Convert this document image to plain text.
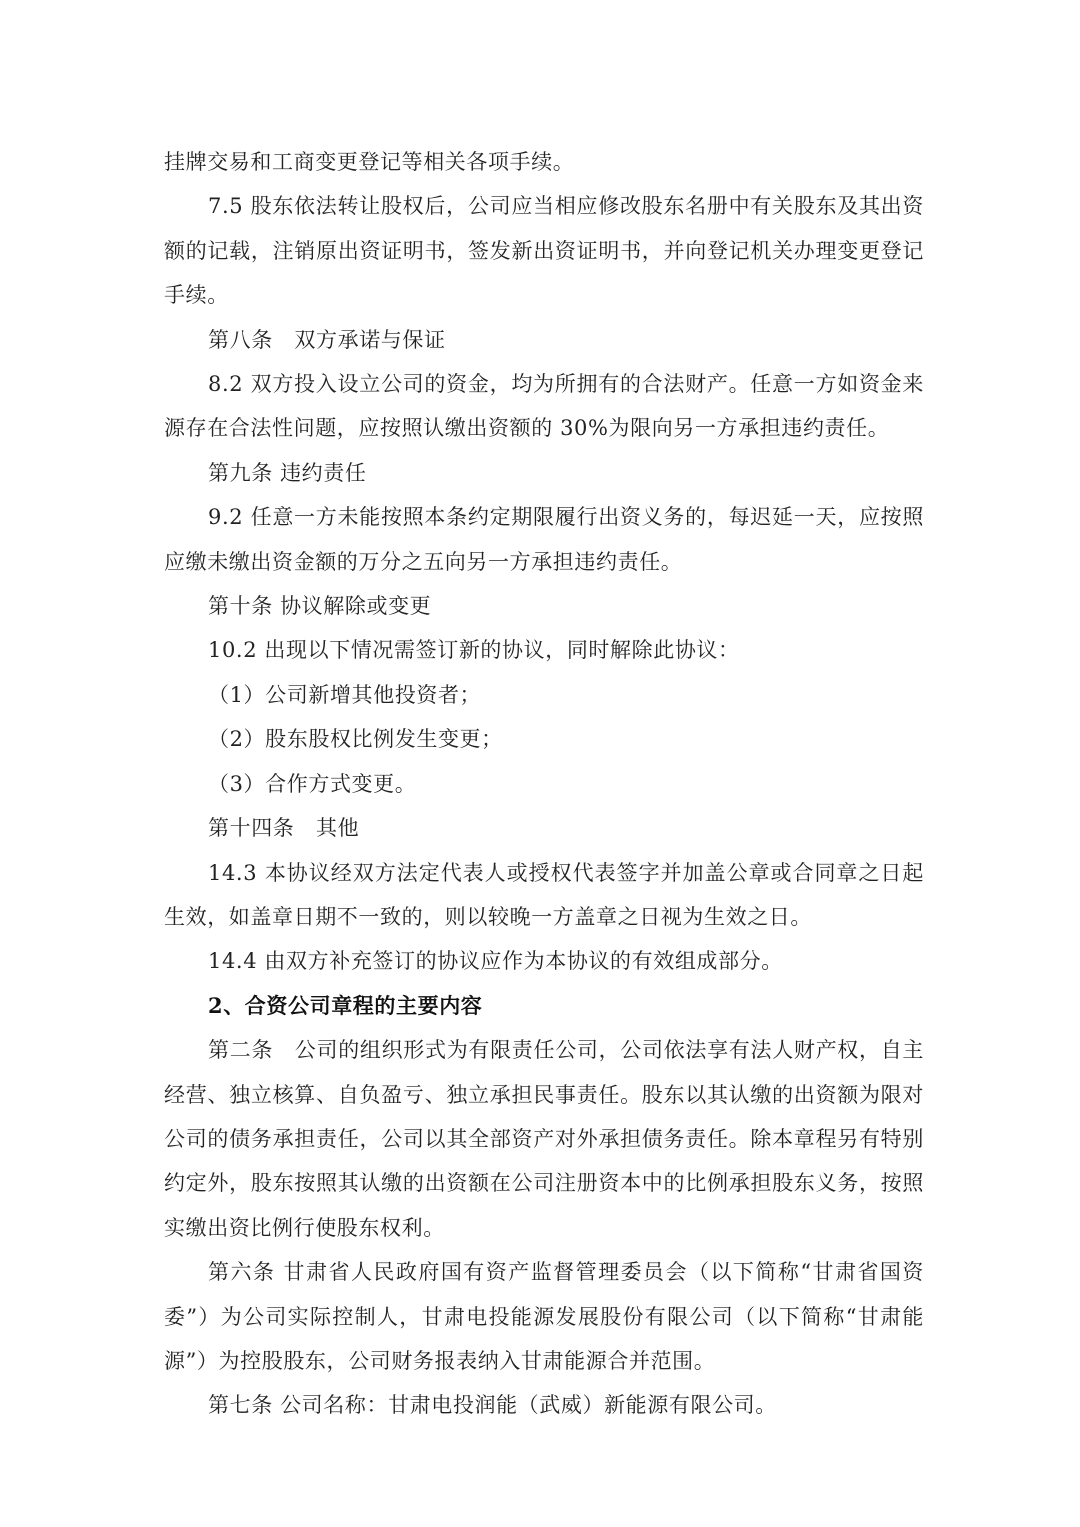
挂牌交易和工商变更登记等相关各项手续。

7.5 股东依法转让股权后，公司应当相应修改股东名册中有关股东及其出资额的记载，注销原出资证明书，签发新出资证明书，并向登记机关办理变更登记手续。

第八条　双方承诺与保证

8.2 双方投入设立公司的资金，均为所拥有的合法财产。任意一方如资金来源存在合法性问题，应按照认缴出资额的 30%为限向另一方承担违约责任。

第九条 违约责任

9.2 任意一方未能按照本条约定期限履行出资义务的，每迟延一天，应按照应缴未缴出资金额的万分之五向另一方承担违约责任。

第十条 协议解除或变更

10.2 出现以下情况需签订新的协议，同时解除此协议：

（1）公司新增其他投资者；

（2）股东股权比例发生变更；

（3）合作方式变更。

第十四条　其他

14.3 本协议经双方法定代表人或授权代表签字并加盖公章或合同章之日起生效，如盖章日期不一致的，则以较晚一方盖章之日视为生效之日。

14.4 由双方补充签订的协议应作为本协议的有效组成部分。

2、合资公司章程的主要内容

第二条　公司的组织形式为有限责任公司，公司依法享有法人财产权，自主经营、独立核算、自负盈亏、独立承担民事责任。股东以其认缴的出资额为限对公司的债务承担责任，公司以其全部资产对外承担债务责任。除本章程另有特别约定外，股东按照其认缴的出资额在公司注册资本中的比例承担股东义务，按照实缴出资比例行使股东权利。

第六条 甘肃省人民政府国有资产监督管理委员会（以下简称“甘肃省国资委”）为公司实际控制人，甘肃电投能源发展股份有限公司（以下简称“甘肃能源”）为控股股东，公司财务报表纳入甘肃能源合并范围。

第七条 公司名称：甘肃电投润能（武威）新能源有限公司。
